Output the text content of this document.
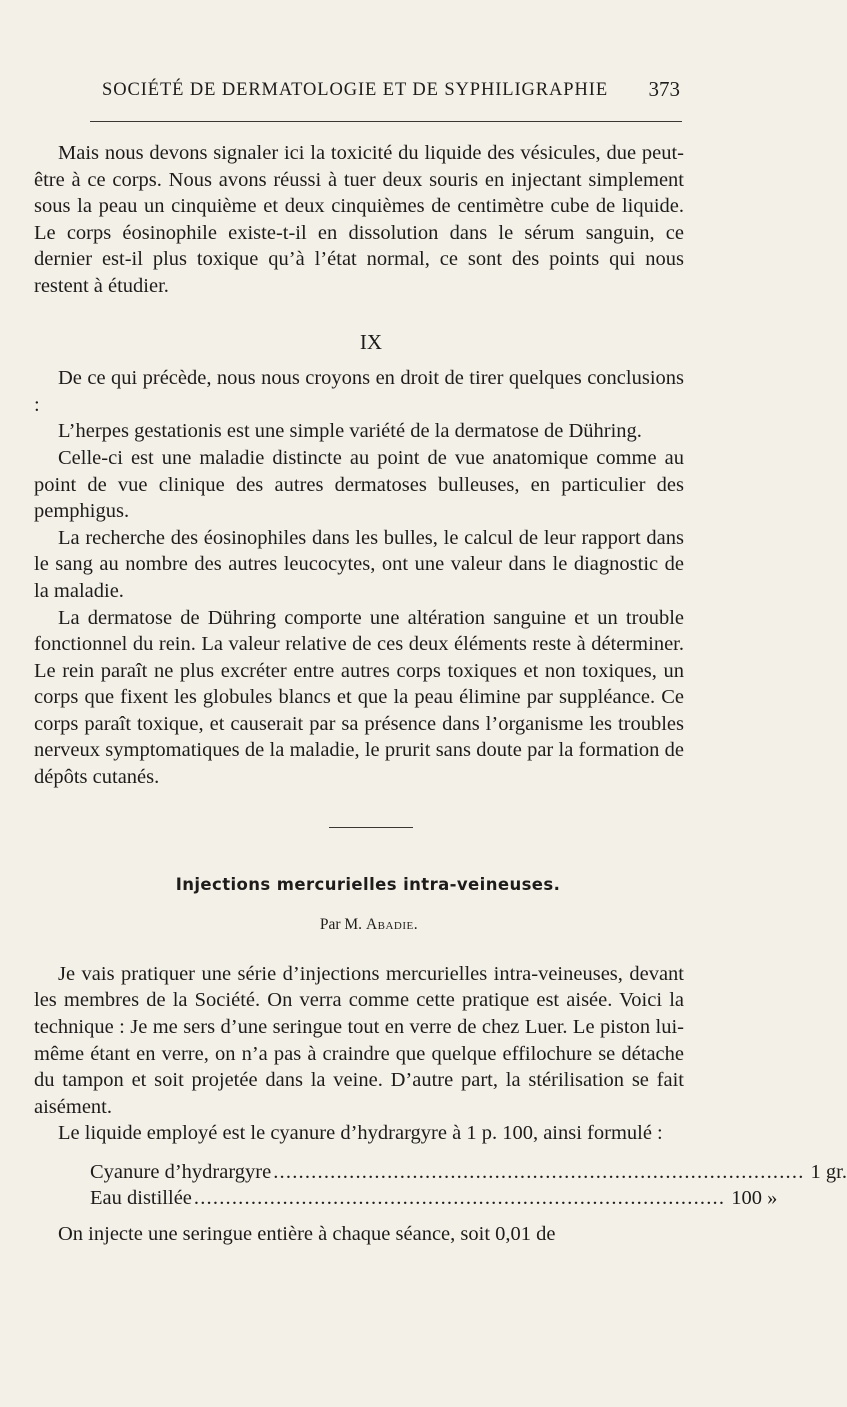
SOCIÉTÉ DE DERMATOLOGIE ET DE SYPHILIGRAPHIE 373

Mais nous devons signaler ici la toxicité du liquide des vésicules, due peut-être à ce corps. Nous avons réussi à tuer deux souris en injectant simplement sous la peau un cinquième et deux cinquièmes de centimètre cube de liquide. Le corps éosinophile existe-t-il en dissolution dans le sérum sanguin, ce dernier est-il plus toxique qu’à l’état normal, ce sont des points qui nous restent à étudier.

IX

De ce qui précède, nous nous croyons en droit de tirer quelques conclusions :

L’herpes gestationis est une simple variété de la dermatose de Dühring.

Celle-ci est une maladie distincte au point de vue anatomique comme au point de vue clinique des autres dermatoses bulleuses, en particulier des pemphigus.

La recherche des éosinophiles dans les bulles, le calcul de leur rapport dans le sang au nombre des autres leucocytes, ont une valeur dans le diagnostic de la maladie.

La dermatose de Dühring comporte une altération sanguine et un trouble fonctionnel du rein. La valeur relative de ces deux éléments reste à déterminer. Le rein paraît ne plus excréter entre autres corps toxiques et non toxiques, un corps que fixent les globules blancs et que la peau élimine par suppléance. Ce corps paraît toxique, et causerait par sa présence dans l’organisme les troubles nerveux symptomatiques de la maladie, le prurit sans doute par la formation de dépôts cutanés.

Injections mercurielles intra-veineuses.
Par M. Abadie.

Je vais pratiquer une série d’injections mercurielles intra-veineuses, devant les membres de la Société. On verra comme cette pratique est aisée. Voici la technique : Je me sers d’une seringue tout en verre de chez Luer. Le piston lui-même étant en verre, on n’a pas à craindre que quelque effilochure se détache du tampon et soit projetée dans la veine. D’autre part, la stérilisation se fait aisément.

Le liquide employé est le cyanure d’hydrargyre à 1 p. 100, ainsi formulé :

Cyanure d’hydrargyre .................................................................................... 1 gr.
Eau distillée .................................................................................... 100 »

On injecte une seringue entière à chaque séance, soit 0,01 de
